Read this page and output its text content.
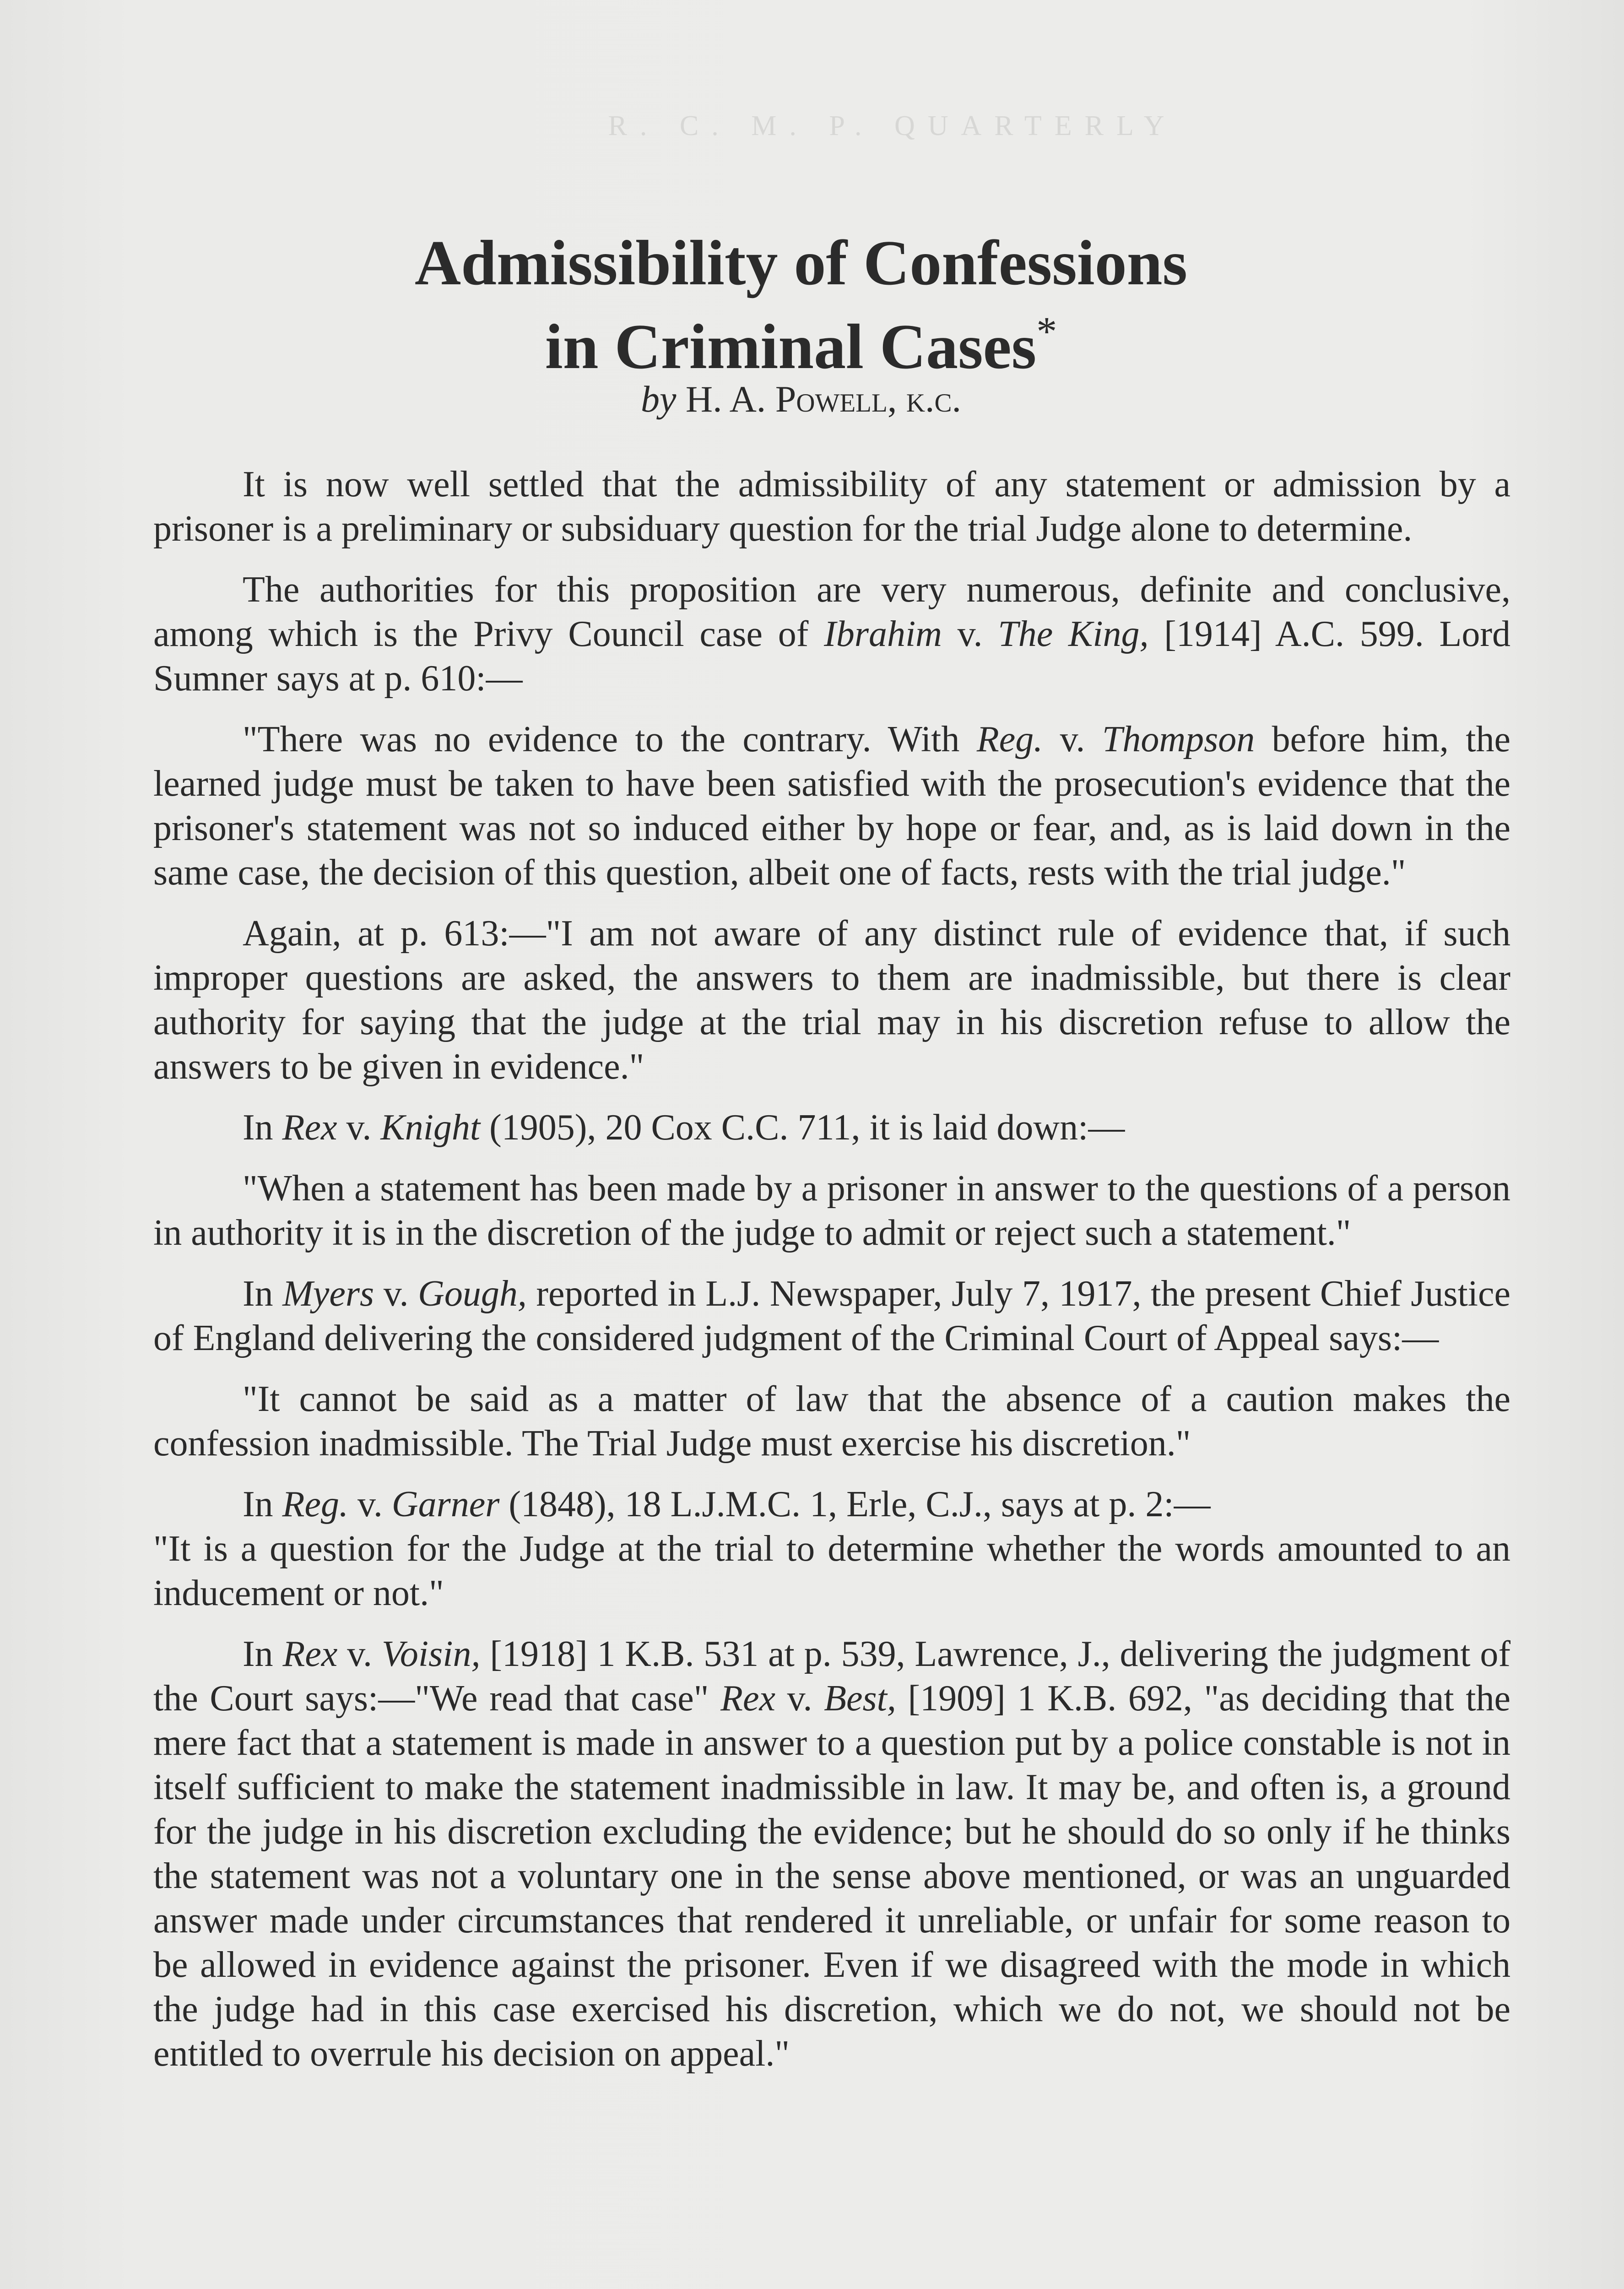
R. C. M. P. QUARTERLY
Admissibility of Confessions
in Criminal Cases*
by H. A. Powell, k.c.

It is now well settled that the admissibility of any statement or admission by a prisoner is a preliminary or subsiduary question for the trial Judge alone to determine.

The authorities for this proposition are very numerous, definite and conclusive, among which is the Privy Council case of Ibrahim v. The King, [1914] A.C. 599. Lord Sumner says at p. 610:—

"There was no evidence to the contrary. With Reg. v. Thompson before him, the learned judge must be taken to have been satisfied with the prosecution's evidence that the prisoner's statement was not so induced either by hope or fear, and, as is laid down in the same case, the decision of this question, albeit one of facts, rests with the trial judge."

Again, at p. 613:—"I am not aware of any distinct rule of evidence that, if such improper questions are asked, the answers to them are inadmissible, but there is clear authority for saying that the judge at the trial may in his discretion refuse to allow the answers to be given in evidence."

In Rex v. Knight (1905), 20 Cox C.C. 711, it is laid down:—

"When a statement has been made by a prisoner in answer to the questions of a person in authority it is in the discretion of the judge to admit or reject such a statement."

In Myers v. Gough, reported in L.J. Newspaper, July 7, 1917, the present Chief Justice of England delivering the considered judgment of the Criminal Court of Appeal says:—

"It cannot be said as a matter of law that the absence of a caution makes the confession inadmissible. The Trial Judge must exercise his discretion."

In Reg. v. Garner (1848), 18 L.J.M.C. 1, Erle, C.J., says at p. 2:—

"It is a question for the Judge at the trial to determine whether the words amounted to an inducement or not."

In Rex v. Voisin, [1918] 1 K.B. 531 at p. 539, Lawrence, J., delivering the judgment of the Court says:—"We read that case" Rex v. Best, [1909] 1 K.B. 692, "as deciding that the mere fact that a statement is made in answer to a question put by a police constable is not in itself sufficient to make the statement inadmissible in law. It may be, and often is, a ground for the judge in his discretion excluding the evidence; but he should do so only if he thinks the statement was not a voluntary one in the sense above mentioned, or was an unguarded answer made under circumstances that rendered it unreliable, or unfair for some reason to be allowed in evidence against the prisoner. Even if we disagreed with the mode in which the judge had in this case exercised his discretion, which we do not, we should not be entitled to overrule his decision on appeal."
